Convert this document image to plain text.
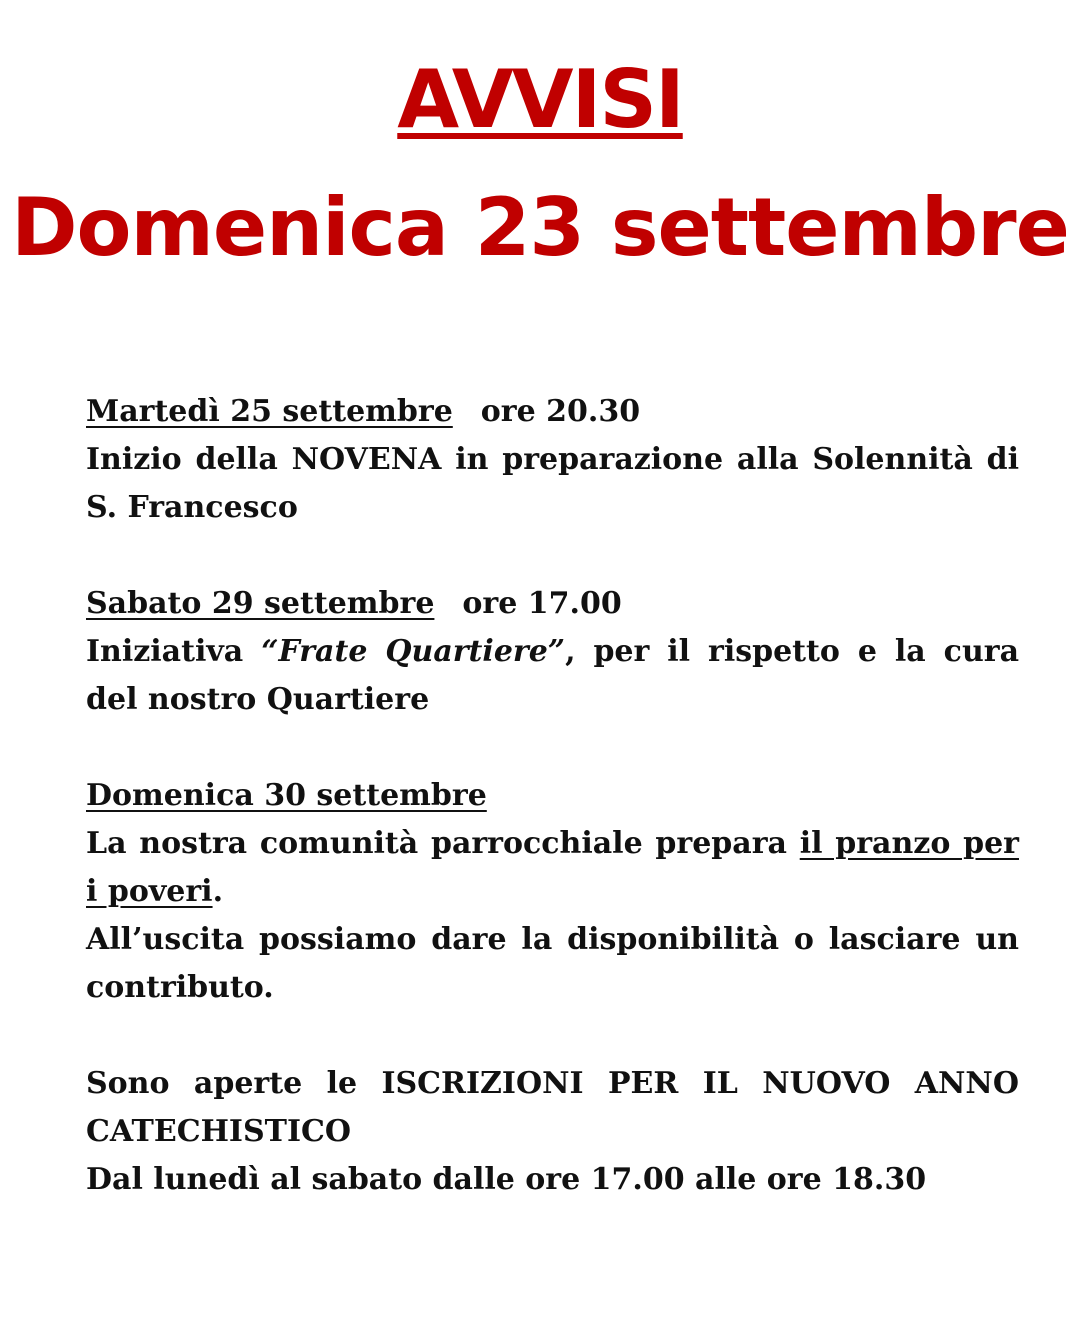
AVVISI
Domenica 23 settembre

Martedì 25 settembre ore 20.30

Inizio della NOVENA in preparazione alla Solennità di S. Francesco

Sabato 29 settembre ore 17.00

Iniziativa “Frate Quartiere”, per il rispetto e la cura del nostro Quartiere

Domenica 30 settembre

La nostra comunità parrocchiale prepara il pranzo per i poveri.

All’uscita possiamo dare la disponibilità o lasciare un contributo.

Sono aperte le ISCRIZIONI PER IL NUOVO ANNO CATECHISTICO

Dal lunedì al sabato dalle ore 17.00 alle ore 18.30
